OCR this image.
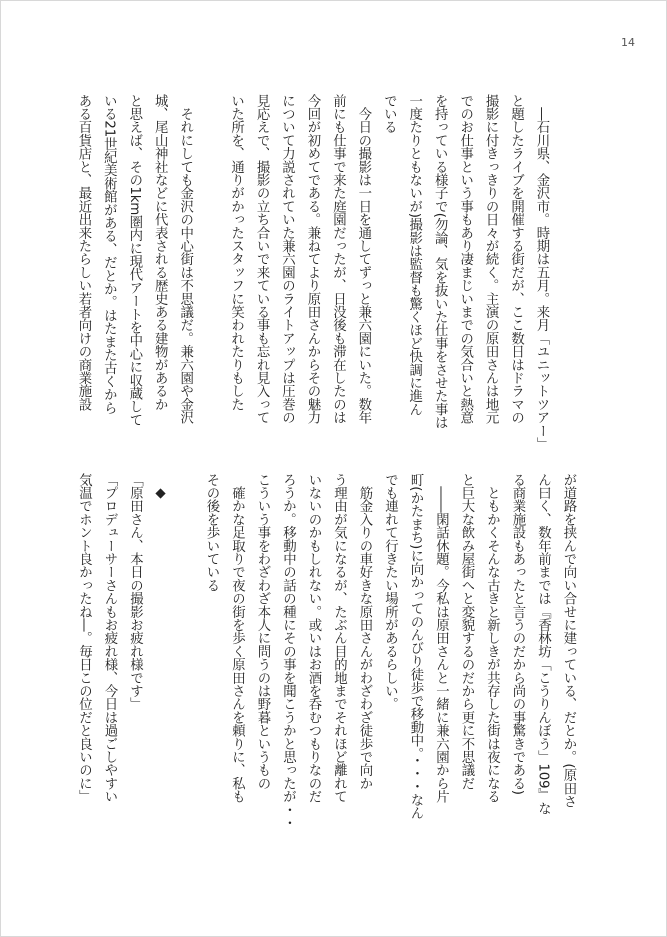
14
　―石川県、金沢市。時期は五月。来月「ユニットツアー」
と題したライブを開催する街だが、ここ数日はドラマの
撮影に付きっきりの日々が続く。主演の原田さんは地元
でのお仕事という事もあり凄まじいまでの気合いと熱意
を持っている様子で(勿論、気を抜いた仕事をさせた事は
一度たりともないが)撮影は監督も驚くほど快調に進ん
でいる
　今日の撮影は一日を通してずっと兼六園にいた。数年
前にも仕事で来た庭園だったが、日没後も滞在したのは
今回が初めてである。兼ねてより原田さんからその魅力
について力説されていた兼六園のライトアップは圧巻の
見応えで、撮影の立ち合いで来ている事も忘れ見入って
いた所を、通りがかったスタッフに笑われたりもした
　それにしても金沢の中心街は不思議だ。兼六園や金沢
城、尾山神社などに代表される歴史ある建物があるか
と思えば、その1km圏内に現代アートを中心に収蔵して
いる21世紀美術館がある、だとか。はたまた古くから
ある百貨店と、最近出来たらしい若者向けの商業施設
が道路を挟んで向い合せに建っている、だとか。(原田さ
ん曰く、数年前までは『香林坊「こうりんぼう」109』な
る商業施設もあったと言うのだから尚の事驚きである)
　ともかくそんな古きと新しきが共存した街は夜になる
と巨大な飲み屋街へと変貌するのだから更に不思議だ
　――閑話休題。今私は原田さんと一緒に兼六園から片
町(かたまち)に向かってのんびり徒歩で移動中。・・・なん
でも連れて行きたい場所があるらしい。
　筋金入りの車好きな原田さんがわざわざ徒歩で向か
う理由が気になるが、たぶん目的地までそれほど離れて
いないのかもしれない。或いはお酒を呑むつもりなのだ
ろうか。移動中の話の種にその事を聞こうかと思ったが・・
こういう事をわざわざ本人に問うのは野暮というもの
　確かな足取りで夜の街を歩く原田さんを頼りに、私も
その後を歩いている
　◆
「原田さん、本日の撮影お疲れ様です」
「プロデューサーさんもお疲れ様、今日は過ごしやすい
気温でホント良かったね―。毎日この位だと良いのに」
